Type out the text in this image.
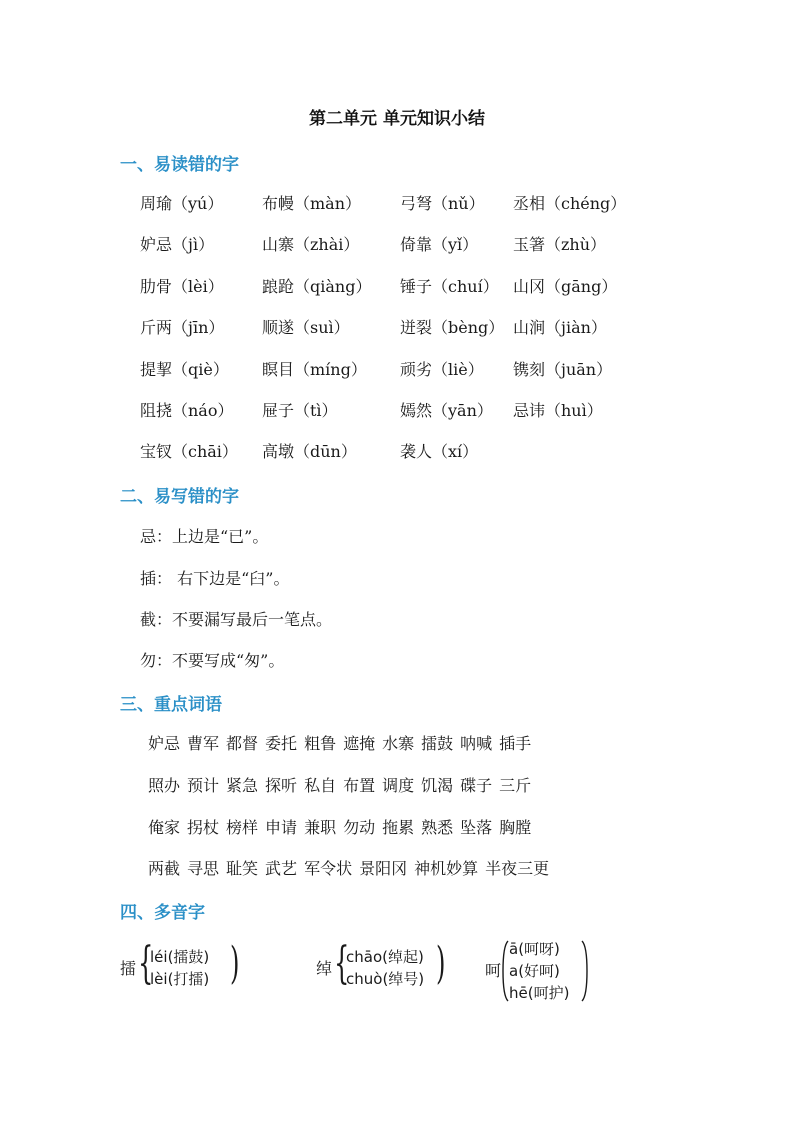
第二单元 单元知识小结
一、易读错的字
周瑜（yú） 布幔（màn） 弓弩（nǔ） 丞相（chéng）
妒忌（jì）	山寨（zhài）	倚靠（yǐ） 玉箸（zhù）
肋骨（lèi） 踉跄（qiàng） 锤子（chuí） 山冈（gāng）
斤两（jīn） 顺遂（suì）	迸裂（bèng） 山涧（jiàn）
提挈（qiè） 瞑目（míng） 顽劣（liè） 镌刻（juān）
阻挠（náo） 屉子（tì）	嫣然（yān） 忌讳（huì）
宝钗（chāi） 高墩（dūn）	袭人（xí）
二、易写错的字
忌：上边是“已”。
插： 右下边是“臼”。
截：不要漏写最后一笔点。
勿：不要写成“匆”。
三、重点词语
妒忌 曹军 都督 委托 粗鲁 遮掩 水寨 擂鼓 呐喊 插手
照办 预计 紧急 探听 私自 布置 调度 饥渴 碟子 三斤
俺家 拐杖 榜样 申请 兼职 勿动 拖累 熟悉 坠落 胸膛
两截 寻思 耻笑 武艺 军令状 景阳冈 神机妙算 半夜三更
四、多音字
擂 {
léi(擂鼓)
lèi(打擂) )	绰 {
chāo(绰起)
chuò(绰号) ) 呵
ā(呵呀)
a(好呵)
hē(呵护)
